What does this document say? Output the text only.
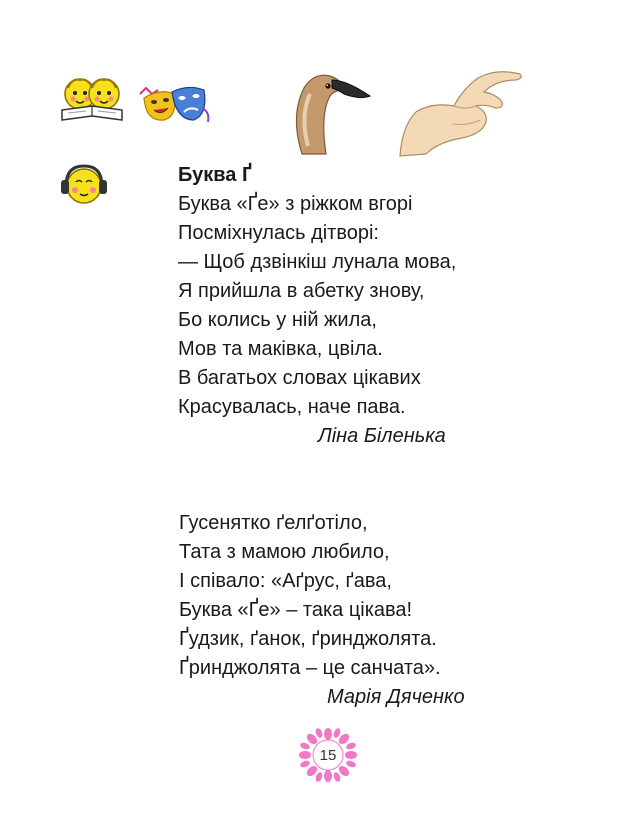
Буква Ґ
Буква «Ґе» з ріжком вгорі
Посміхнулась дітворі:
— Щоб дзвінкіш лунала мова,
Я прийшла в абетку знову,
Бо колись у ній жила,
Мов та маківка, цвіла.
В багатьох словах цікавих
Красувалась, наче пава.
Ліна Біленька
Гусенятко ґелґотіло,
Тата з мамою любило,
І співало: «Аґрус, ґава,
Буква «Ґе» – така цікава!
Ґудзик, ґанок, ґринджолята.
Ґринджолята – це санчата».
Марія Дяченко
15
